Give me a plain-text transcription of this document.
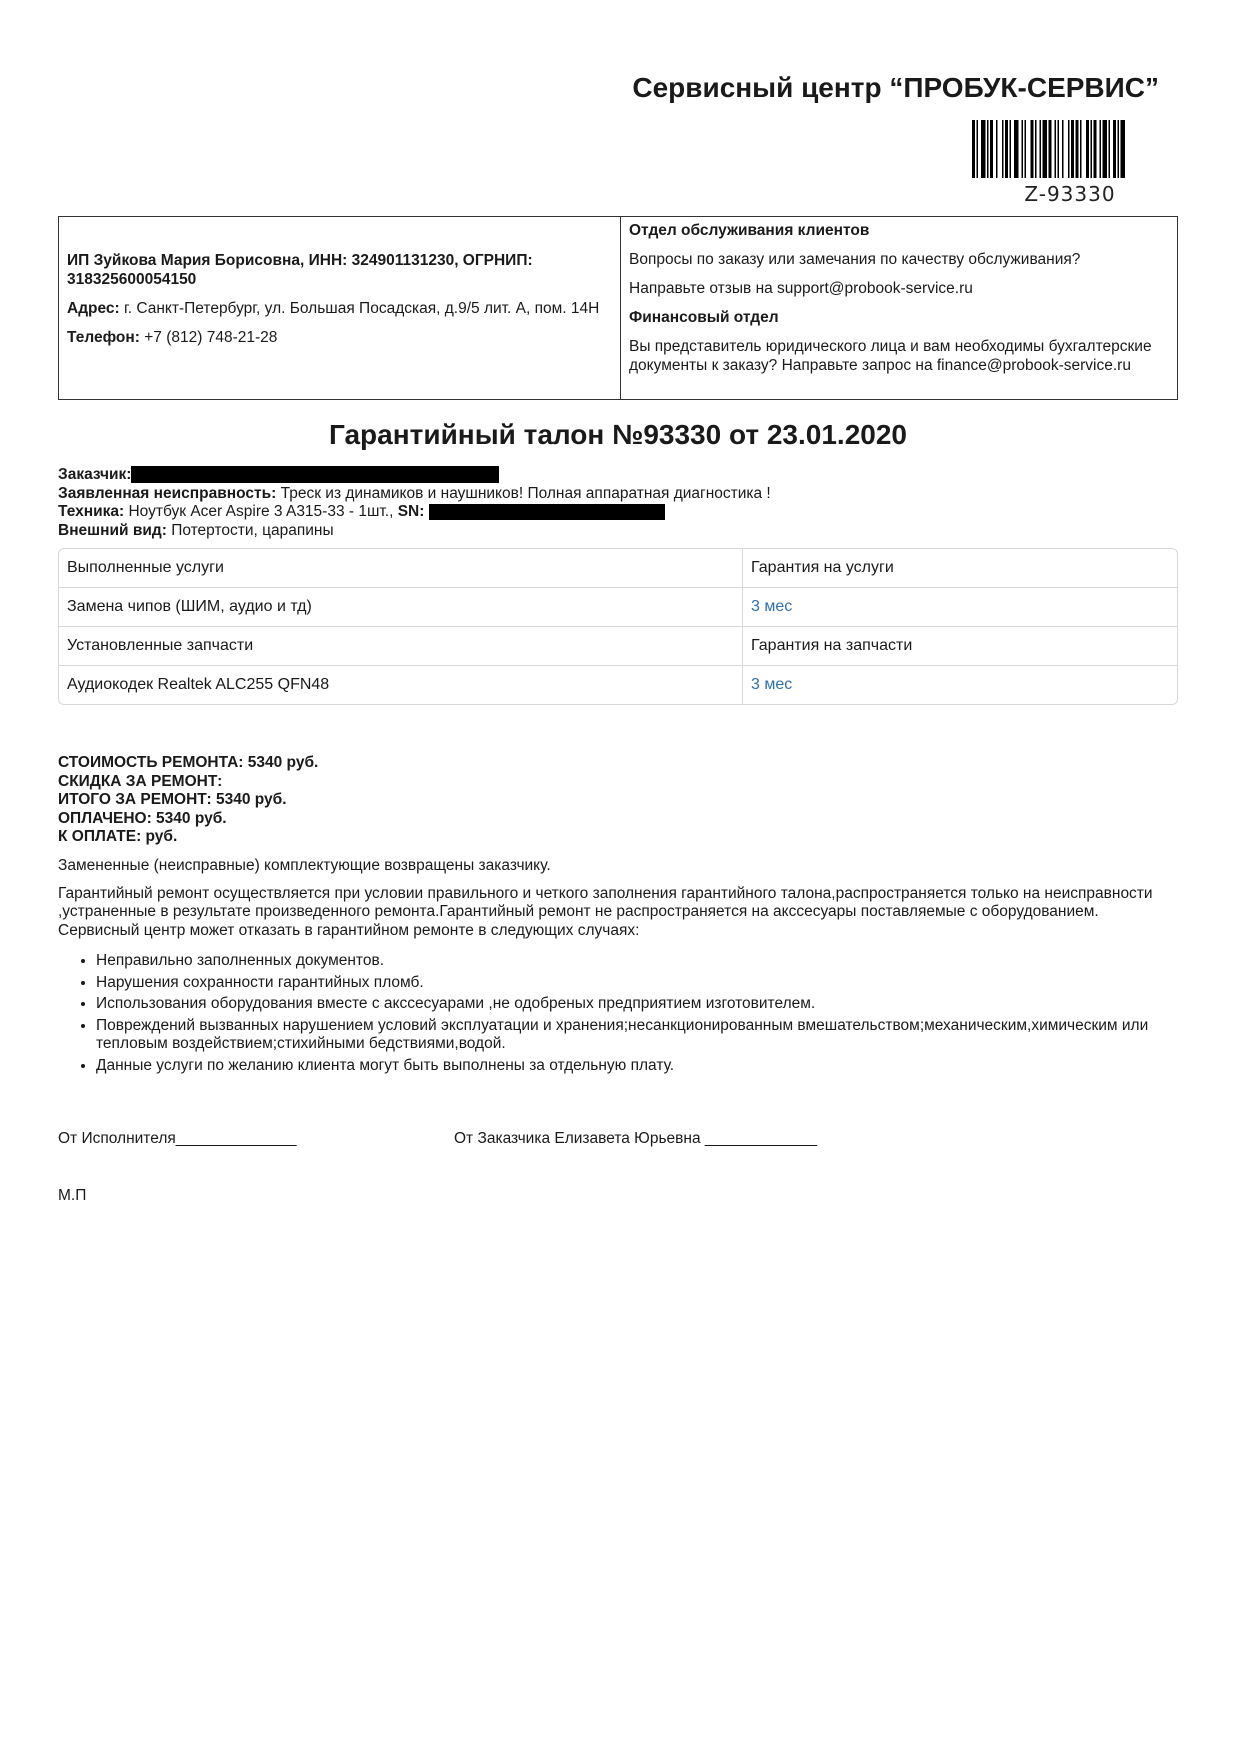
Сервисный центр “ПРОБУК-СЕРВИС”
Z-93330

ИП Зуйкова Мария Борисовна, ИНН: 324901131230, ОГРНИП: 318325600054150

Адрес: г. Санкт-Петербург, ул. Большая Посадская, д.9/5 лит. А, пом. 14Н

Телефон: +7 (812) 748-21-28

Отдел обслуживания клиентов

Вопросы по заказу или замечания по качеству обслуживания?

Направьте отзыв на support@probook-service.ru

Финансовый отдел

Вы представитель юридического лица и вам необходимы бухгалтерские

документы к заказу? Направьте запрос на finance@probook-service.ru

Гарантийный талон №93330 от 23.01.2020
Заказчик:
Заявленная неисправность: Треск из динамиков и наушников! Полная аппаратная диагностика !
Техника: Ноутбук Acer Aspire 3 A315-33 - 1шт., SN:
Внешний вид: Потертости, царапины
Выполненные услуги	Гарантия на услуги
Замена чипов (ШИМ, аудио и тд)	3 мес
Установленные запчасти	Гарантия на запчасти
Аудиокодек Realtek ALC255 QFN48	3 мес
СТОИМОСТЬ РЕМОНТА: 5340 руб.
СКИДКА ЗА РЕМОНТ:
ИТОГО ЗА РЕМОНТ: 5340 руб.
ОПЛАЧЕНО: 5340 руб.
К ОПЛАТЕ: руб.

Замененные (неисправные) комплектующие возвращены заказчику.

Гарантийный ремонт осуществляется при условии правильного и четкого заполнения гарантийного талона,распространяется только на неисправности ,устраненные в результате произведенного ремонта.Гарантийный ремонт не распространяется на акссесуары поставляемые с оборудованием.

Сервисный центр может отказать в гарантийном ремонте в следующих случаях:

• Неправильно заполненных документов.
• Нарушения сохранности гарантийных пломб.
• Использования оборудования вместе с акссесуарами ,не одобреных предприятием изготовителем.
• Повреждений вызванных нарушением условий эксплуатации и хранения;несанкционированным вмешательством;механическим,химическим или тепловым воздействием;стихийными бедствиями,водой.
• Данные услуги по желанию клиента могут быть выполнены за отдельную плату.
От Исполнителя______________	От Заказчика Елизавета Юрьевна _____________
М.П
